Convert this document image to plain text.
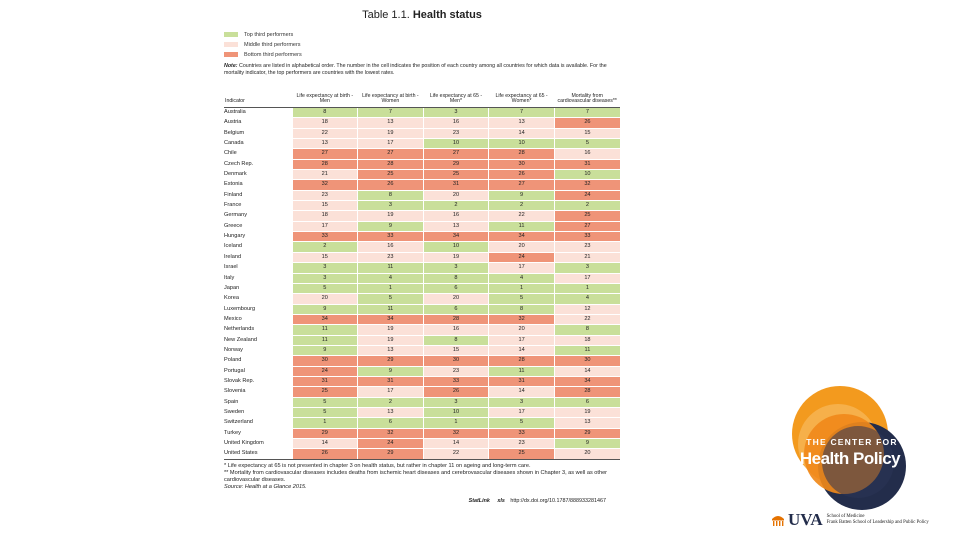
Table 1.1. Health status
Top third performers
Middle third performers
Bottom third performers
Note: Countries are listed in alphabetical order. The number in the cell indicates the position of each country among all countries for which data is available. For the mortality indicator, the top performers are countries with the lowest rates.
Indicator	Life expectancy at birth - Men	Life expectancy at birth - Women	Life expectancy at 65 - Men*	Life expectancy at 65 - Women*	Mortality from cardiovascular diseases**
Australia	8	7	3	7	7
Austria	18	13	16	13	26
Belgium	22	19	23	14	15
Canada	13	17	10	10	5
Chile	27	27	27	28	16
Czech Rep.	28	28	29	30	31
Denmark	21	25	25	26	10
Estonia	32	26	31	27	32
Finland	23	8	20	9	24
France	15	3	2	2	2
Germany	18	19	16	22	25
Greece	17	9	13	11	27
Hungary	33	33	34	34	33
Iceland	2	16	10	20	23
Ireland	15	23	19	24	21
Israel	3	11	3	17	3
Italy	3	4	8	4	17
Japan	5	1	6	1	1
Korea	20	5	20	5	4
Luxembourg	9	11	6	8	12
Mexico	34	34	28	32	22
Netherlands	11	19	16	20	8
New Zealand	11	19	8	17	18
Norway	9	13	15	14	11
Poland	30	29	30	28	30
Portugal	24	9	23	11	14
Slovak Rep.	31	31	33	31	34
Slovenia	25	17	26	14	28
Spain	5	2	3	3	6
Sweden	5	13	10	17	19
Switzerland	1	6	1	5	13
Turkey	29	32	32	33	29
United Kingdom	14	24	14	23	9
United States	26	29	22	25	20
* Life expectancy at 65 is not presented in chapter 3 on health status, but rather in chapter 11 on ageing and long-term care.
** Mortality from cardiovascular diseases includes deaths from ischemic heart diseases and cerebrovascular diseases shown in Chapter 3, as well as other cardiovascular diseases.
Source: Health at a Glance 2015.
StatLink xls http://dx.doi.org/10.1787/888933281467
THE CENTER FOR
Health Policy
UVA School of Medicine
Frank Batten School of Leadership and Public Policy
